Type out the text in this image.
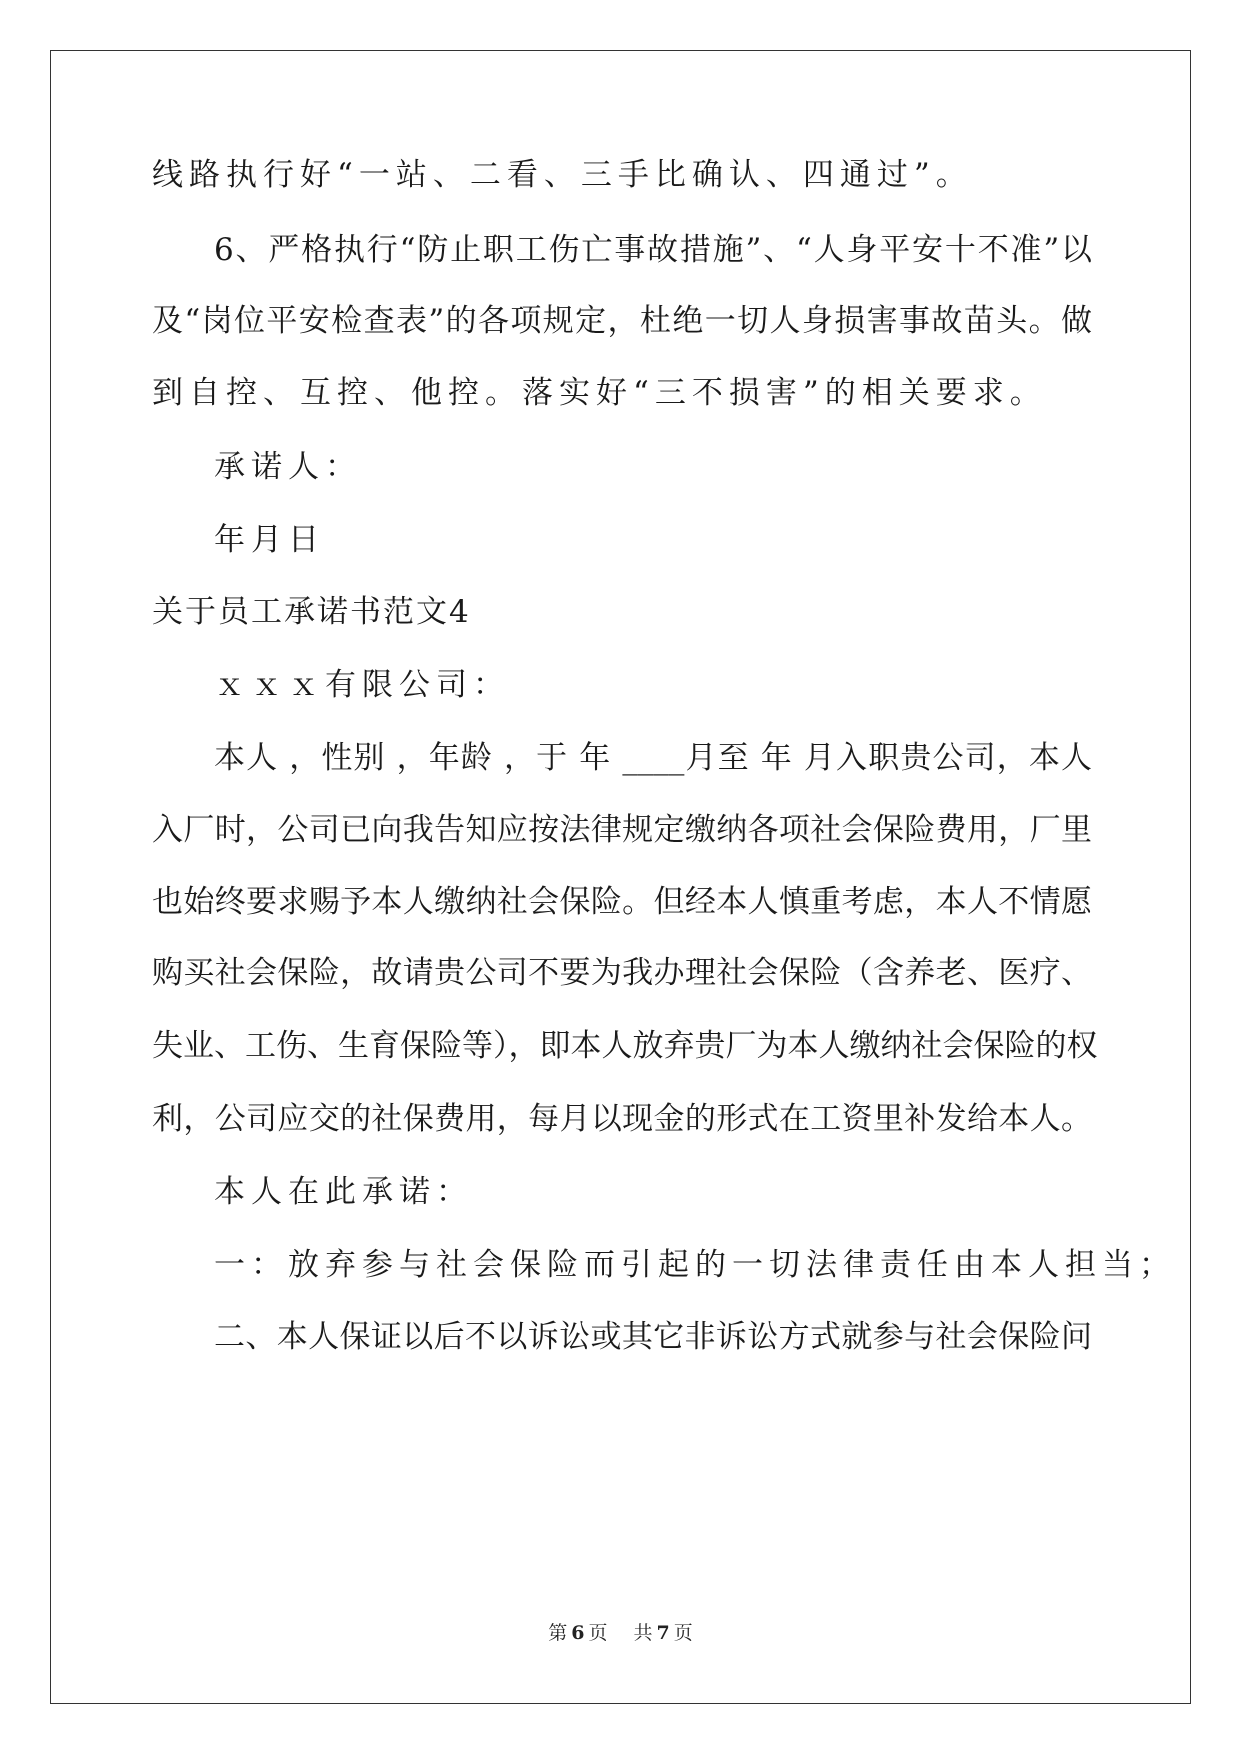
线路执行好“一站、二看、三手比确认、四通过”。
6、严格执行“防止职工伤亡事故措施”、“人身平安十不准”以
及“岗位平安检查表”的各项规定，杜绝一切人身损害事故苗头。做
到自控、互控、他控。落实好“三不损害”的相关要求。
承诺人：
年月日
关于员工承诺书范文4
ｘｘｘ有限公司：
本人 ，性别 ，年龄 ，于 年 ____月至 年 月入职贵公司，本人
入厂时，公司已向我告知应按法律规定缴纳各项社会保险费用，厂里
也始终要求赐予本人缴纳社会保险。但经本人慎重考虑，本人不情愿
购买社会保险，故请贵公司不要为我办理社会保险（含养老、医疗、
失业、工伤、生育保险等），即本人放弃贵厂为本人缴纳社会保险的权
利，公司应交的社保费用，每月以现金的形式在工资里补发给本人。
本人在此承诺：
一：放弃参与社会保险而引起的一切法律责任由本人担当；
二、本人保证以后不以诉讼或其它非诉讼方式就参与社会保险问
第 6 页 共 7 页
